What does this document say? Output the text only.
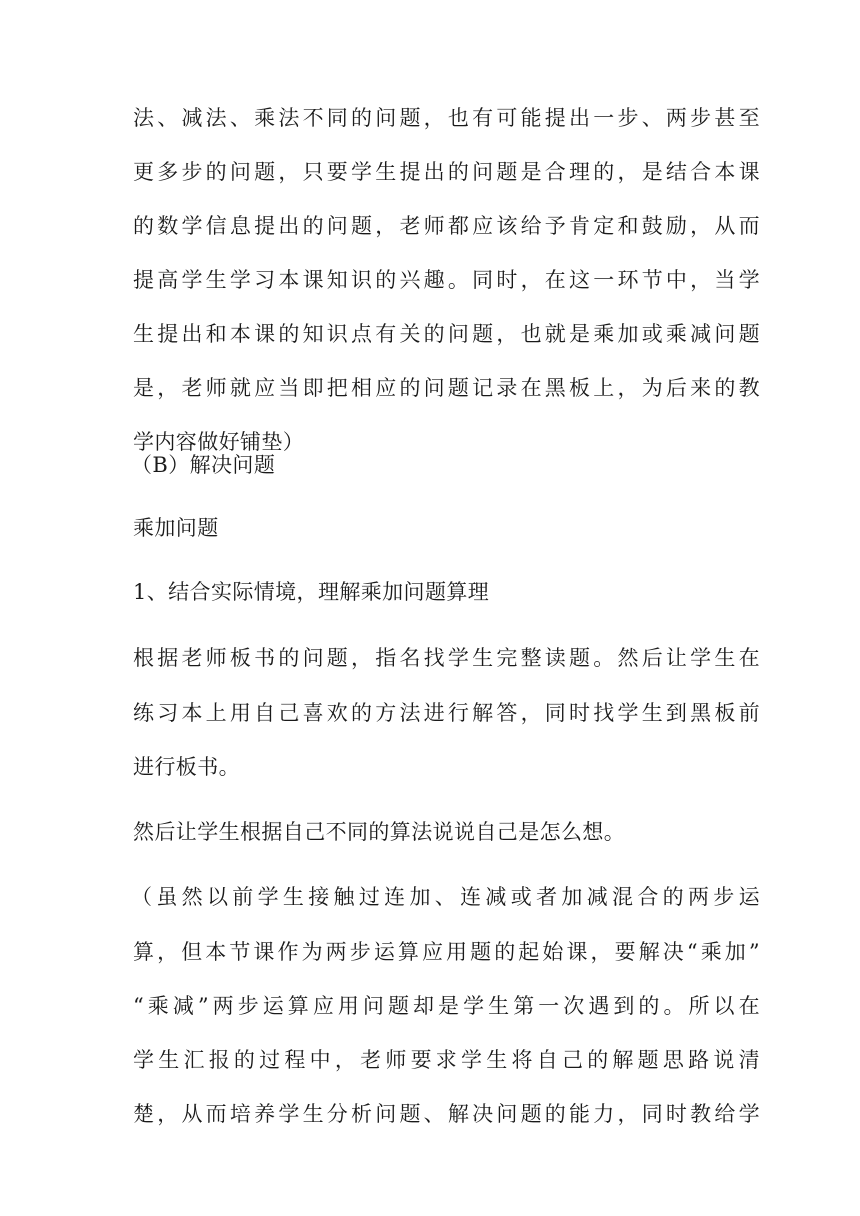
法、减法、乘法不同的问题，也有可能提出一步、两步甚至
更多步的问题，只要学生提出的问题是合理的，是结合本课
的数学信息提出的问题，老师都应该给予肯定和鼓励，从而
提高学生学习本课知识的兴趣。同时，在这一环节中，当学
生提出和本课的知识点有关的问题，也就是乘加或乘减问题
是，老师就应当即把相应的问题记录在黑板上，为后来的教
学内容做好铺垫）
（B）解决问题
乘加问题
1、结合实际情境，理解乘加问题算理
根据老师板书的问题，指名找学生完整读题。然后让学生在
练习本上用自己喜欢的方法进行解答，同时找学生到黑板前
进行板书。
然后让学生根据自己不同的算法说说自己是怎么想。
（虽然以前学生接触过连加、连减或者加减混合的两步运
算，但本节课作为两步运算应用题的起始课，要解决“乘加”
“乘减”两步运算应用问题却是学生第一次遇到的。所以在
学生汇报的过程中，老师要求学生将自己的解题思路说清
楚，从而培养学生分析问题、解决问题的能力，同时教给学
